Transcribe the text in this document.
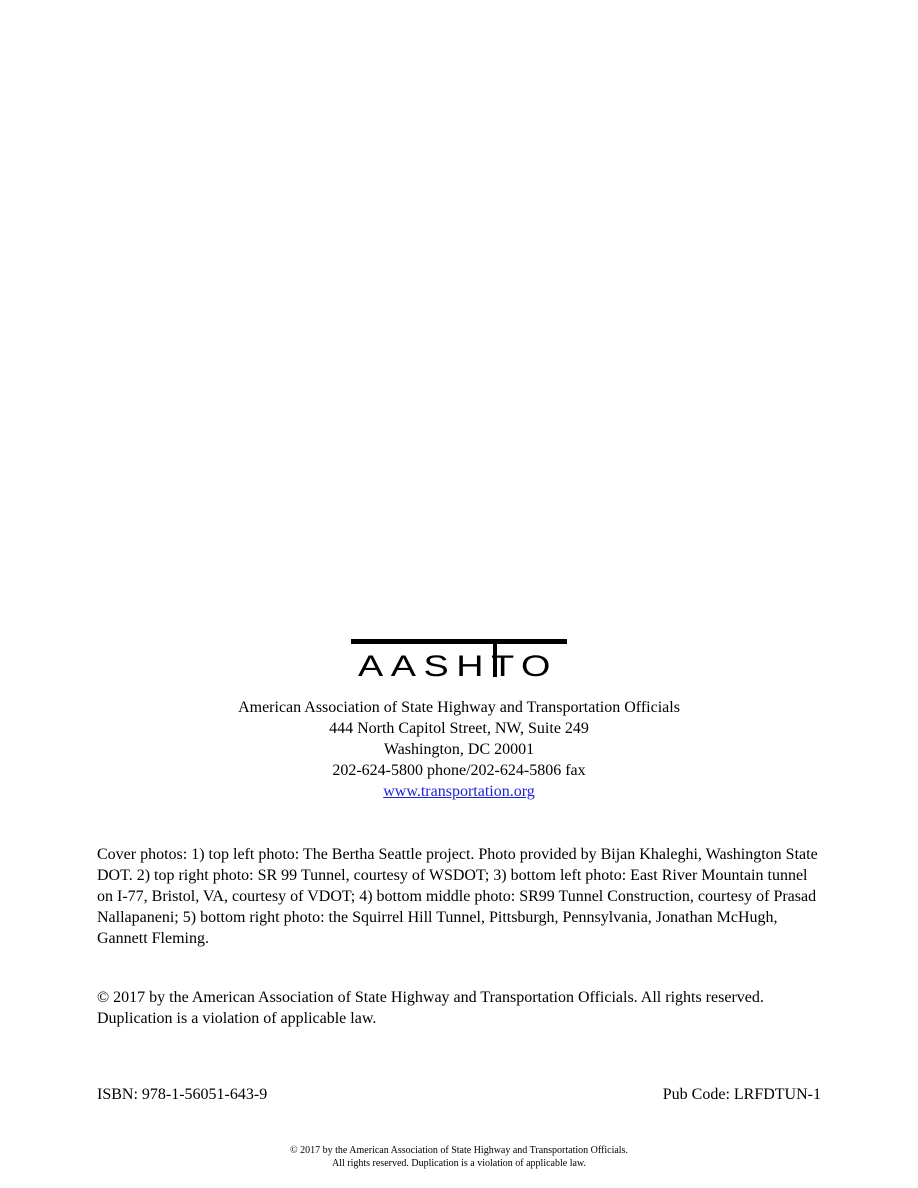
AASHTO
American Association of State Highway and Transportation Officials
444 North Capitol Street, NW, Suite 249
Washington, DC 20001
202-624-5800 phone/202-624-5806 fax
www.transportation.org
Cover photos: 1) top left photo: The Bertha Seattle project. Photo provided by Bijan Khaleghi, Washington State DOT. 2) top right photo: SR 99 Tunnel, courtesy of WSDOT; 3) bottom left photo: East River Mountain tunnel on I-77, Bristol, VA, courtesy of VDOT; 4) bottom middle photo: SR99 Tunnel Construction, courtesy of Prasad Nallapaneni; 5) bottom right photo: the Squirrel Hill Tunnel, Pittsburgh, Pennsylvania, Jonathan McHugh, Gannett Fleming.
© 2017 by the American Association of State Highway and Transportation Officials. All rights reserved. Duplication is a violation of applicable law.
ISBN: 978-1-56051-643-9	Pub Code: LRFDTUN-1
© 2017 by the American Association of State Highway and Transportation Officials.
All rights reserved. Duplication is a violation of applicable law.
